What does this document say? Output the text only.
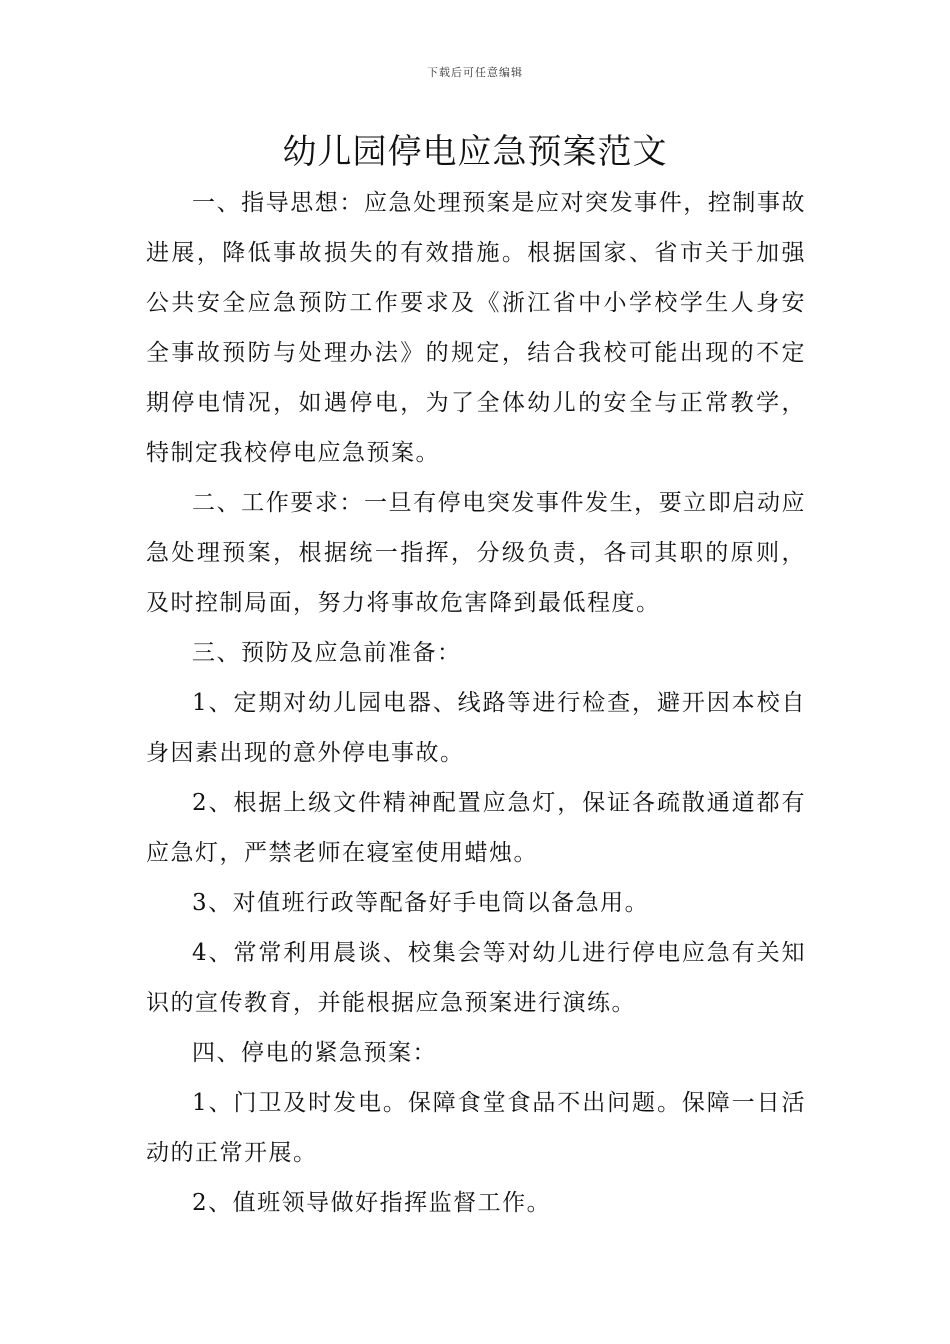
下载后可任意编辑
幼儿园停电应急预案范文

一、指导思想：应急处理预案是应对突发事件，控制事故进展，降低事故损失的有效措施。根据国家、省市关于加强公共安全应急预防工作要求及《浙江省中小学校学生人身安全事故预防与处理办法》的规定，结合我校可能出现的不定期停电情况，如遇停电，为了全体幼儿的安全与正常教学，特制定我校停电应急预案。

二、工作要求：一旦有停电突发事件发生，要立即启动应急处理预案，根据统一指挥，分级负责，各司其职的原则，及时控制局面，努力将事故危害降到最低程度。

三、预防及应急前准备：

1、定期对幼儿园电器、线路等进行检查，避开因本校自身因素出现的意外停电事故。

2、根据上级文件精神配置应急灯，保证各疏散通道都有应急灯，严禁老师在寝室使用蜡烛。

3、对值班行政等配备好手电筒以备急用。

4、常常利用晨谈、校集会等对幼儿进行停电应急有关知识的宣传教育，并能根据应急预案进行演练。

四、停电的紧急预案：

1、门卫及时发电。保障食堂食品不出问题。保障一日活动的正常开展。

2、值班领导做好指挥监督工作。
